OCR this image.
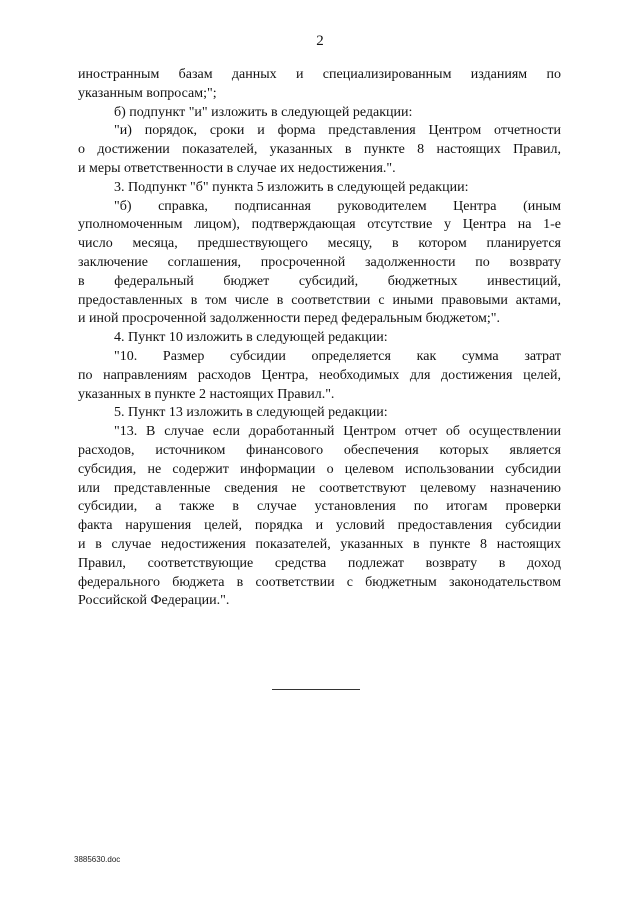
2
иностранным базам данных и специализированным изданиям по
указанным вопросам;";
б) подпункт "и" изложить в следующей редакции:
"и) порядок, сроки и форма представления Центром отчетности
о достижении показателей, указанных в пункте 8 настоящих Правил,
и меры ответственности в случае их недостижения.".
3. Подпункт "б" пункта 5 изложить в следующей редакции:
"б) справка, подписанная руководителем Центра (иным
уполномоченным лицом), подтверждающая отсутствие у Центра на 1-е
число месяца, предшествующего месяцу, в котором планируется
заключение соглашения, просроченной задолженности по возврату
в федеральный бюджет субсидий, бюджетных инвестиций,
предоставленных в том числе в соответствии с иными правовыми актами,
и иной просроченной задолженности перед федеральным бюджетом;".
4. Пункт 10 изложить в следующей редакции:
"10. Размер субсидии определяется как сумма затрат
по направлениям расходов Центра, необходимых для достижения целей,
указанных в пункте 2 настоящих Правил.".
5. Пункт 13 изложить в следующей редакции:
"13. В случае если доработанный Центром отчет об осуществлении
расходов, источником финансового обеспечения которых является
субсидия, не содержит информации о целевом использовании субсидии
или представленные сведения не соответствуют целевому назначению
субсидии, а также в случае установления по итогам проверки
факта нарушения целей, порядка и условий предоставления субсидии
и в случае недостижения показателей, указанных в пункте 8 настоящих
Правил, соответствующие средства подлежат возврату в доход
федерального бюджета в соответствии с бюджетным законодательством
Российской Федерации.".
3885630.doc
